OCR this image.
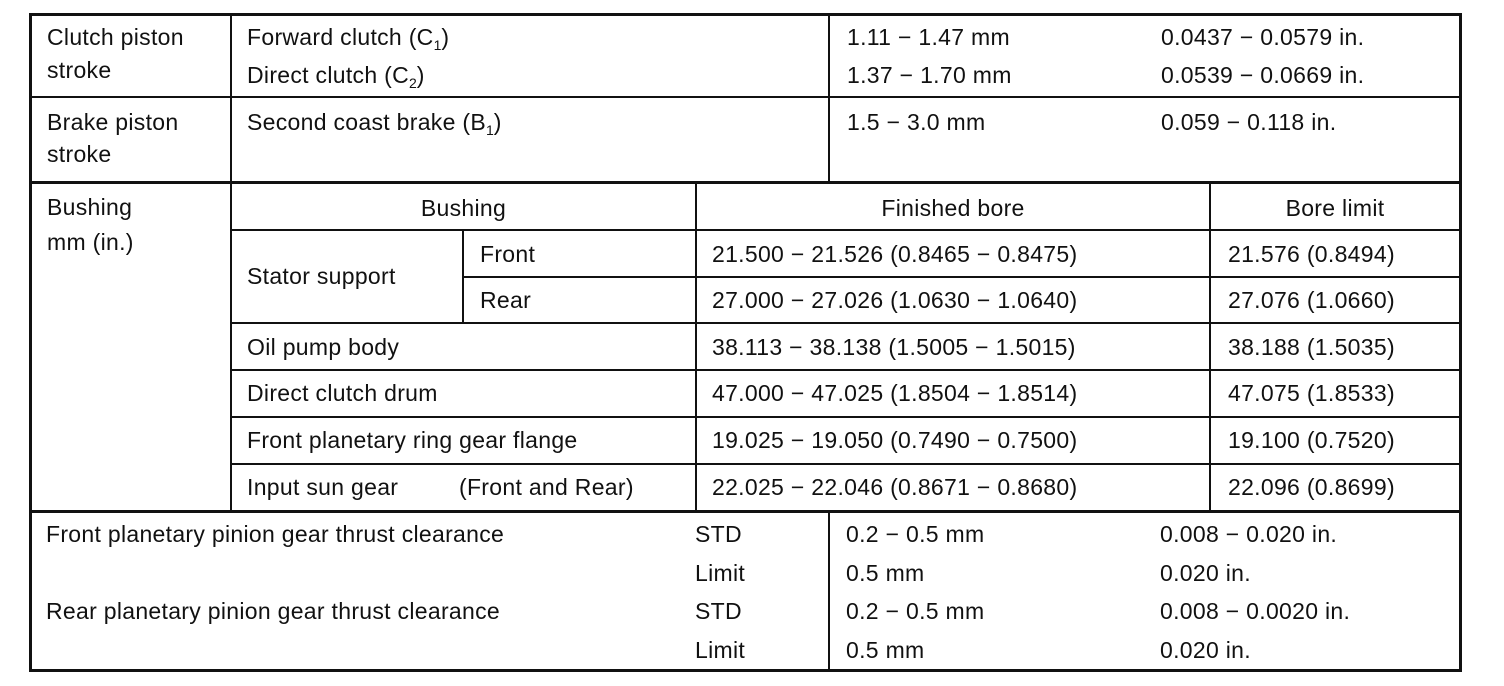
Clutch piston
stroke
Forward clutch $(C_1)$	1.11 − 1.47 mm	0.0437 − 0.0579 in.
Direct clutch $(C_2)$	1.37 − 1.70 mm	0.0539 − 0.0669 in.
Brake piston
stroke
Second coast brake $(B_1)$	1.5 − 3.0 mm	0.059 − 0.118 in.
Bushing
mm (in.)
Bushing	Finished bore	Bore limit
Stator support
Front	21.500 − 21.526 (0.8465 − 0.8475)	21.576 (0.8494)
Rear	27.000 − 27.026 (1.0630 − 1.0640)	27.076 (1.0660)
Oil pump body	38.113 − 38.138 (1.5005 − 1.5015)	38.188 (1.5035)
Direct clutch drum	47.000 − 47.025 (1.8504 − 1.8514)	47.075 (1.8533)
Front planetary ring gear flange	19.025 − 19.050 (0.7490 − 0.7500)	19.100 (0.7520)
Input sun gear	(Front and Rear)	22.025 − 22.046 (0.8671 − 0.8680)	22.096 (0.8699)
Front planetary pinion gear thrust clearance	STD	0.2 − 0.5 mm	0.008 − 0.020 in.
Limit	0.5 mm	0.020 in.
Rear planetary pinion gear thrust clearance	STD	0.2 − 0.5 mm	0.008 − 0.0020 in.
Limit	0.5 mm	0.020 in.
